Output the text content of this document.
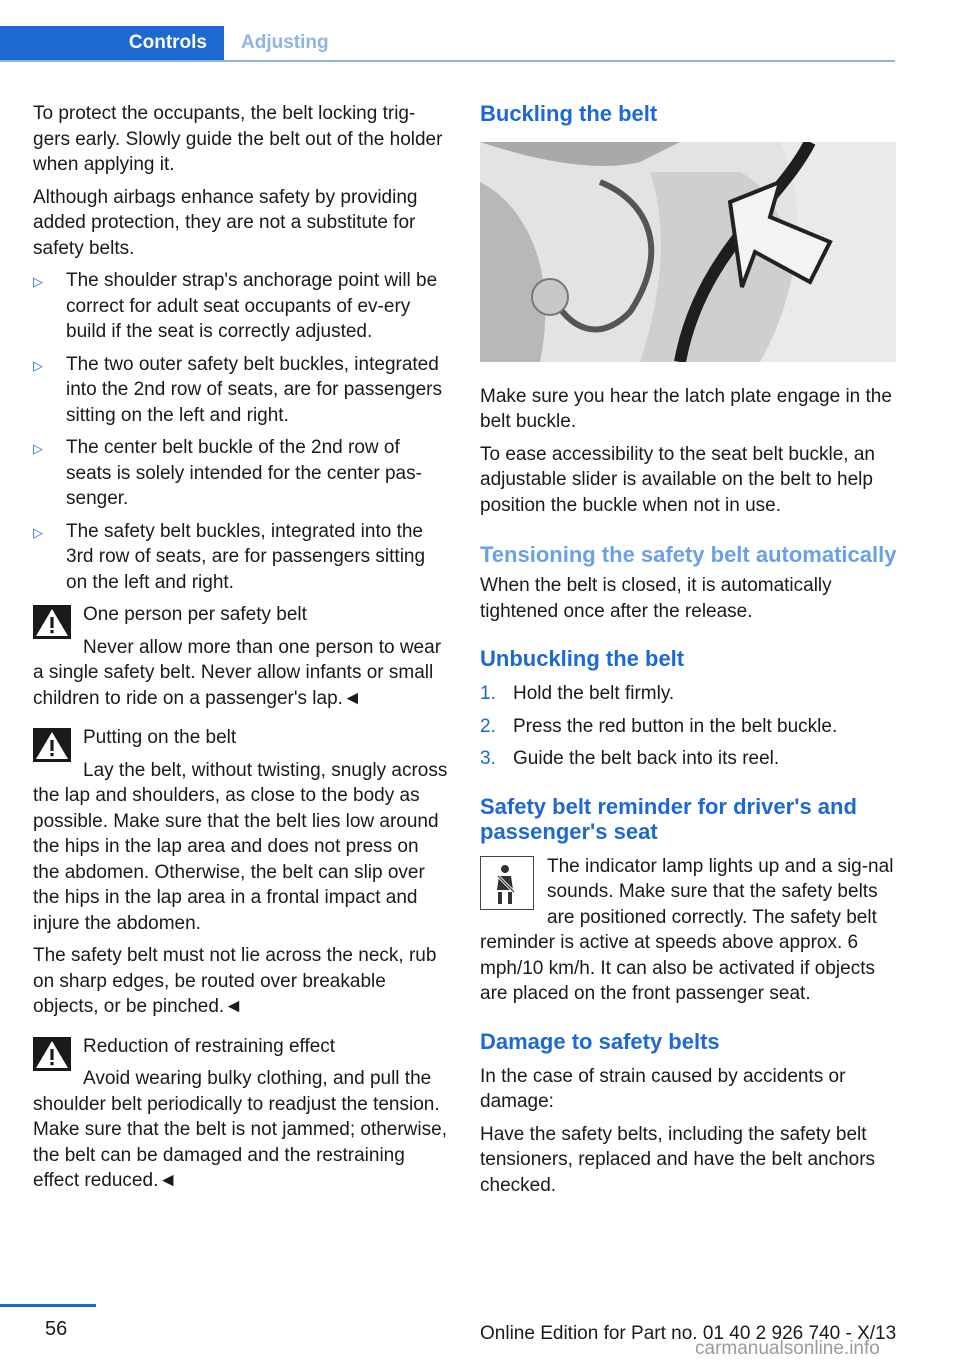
Controls	Adjusting

To protect the occupants, the belt locking trig‐gers early. Slowly guide the belt out of the holder when applying it.

Although airbags enhance safety by providing added protection, they are not a substitute for safety belts.

▷ The shoulder strap's anchorage point will be correct for adult seat occupants of ev‐ery build if the seat is correctly adjusted.
▷ The two outer safety belt buckles, integrated into the 2nd row of seats, are for passengers sitting on the left and right.
▷ The center belt buckle of the 2nd row of seats is solely intended for the center pas‐senger.
▷ The safety belt buckles, integrated into the 3rd row of seats, are for passengers sitting on the left and right.

One person per safety belt

Never allow more than one person to wear a single safety belt. Never allow infants or small children to ride on a passenger's lap.◄

Putting on the belt

Lay the belt, without twisting, snugly across the lap and shoulders, as close to the body as possible. Make sure that the belt lies low around the hips in the lap area and does not press on the abdomen. Otherwise, the belt can slip over the hips in the lap area in a frontal impact and injure the abdomen.

The safety belt must not lie across the neck, rub on sharp edges, be routed over breakable objects, or be pinched.◄

Reduction of restraining effect

Avoid wearing bulky clothing, and pull the shoulder belt periodically to readjust the tension. Make sure that the belt is not jammed; otherwise, the belt can be damaged and the restraining effect reduced.◄

Buckling the belt

Make sure you hear the latch plate engage in the belt buckle.

To ease accessibility to the seat belt buckle, an adjustable slider is available on the belt to help position the buckle when not in use.

Tensioning the safety belt automatically

When the belt is closed, it is automatically tightened once after the release.

Unbuckling the belt
1. Hold the belt firmly.
2. Press the red button in the belt buckle.
3. Guide the belt back into its reel.
Safety belt reminder for driver's and passenger's seat

The indicator lamp lights up and a sig‐nal sounds. Make sure that the safety belts are positioned correctly. The safety belt reminder is active at speeds above approx. 6 mph/10 km/h. It can also be activated if objects are placed on the front passenger seat.

Damage to safety belts

In the case of strain caused by accidents or damage:

Have the safety belts, including the safety belt tensioners, replaced and have the belt anchors checked.

56	Online Edition for Part no. 01 40 2 926 740 - X/13
carmanualsonline.info
